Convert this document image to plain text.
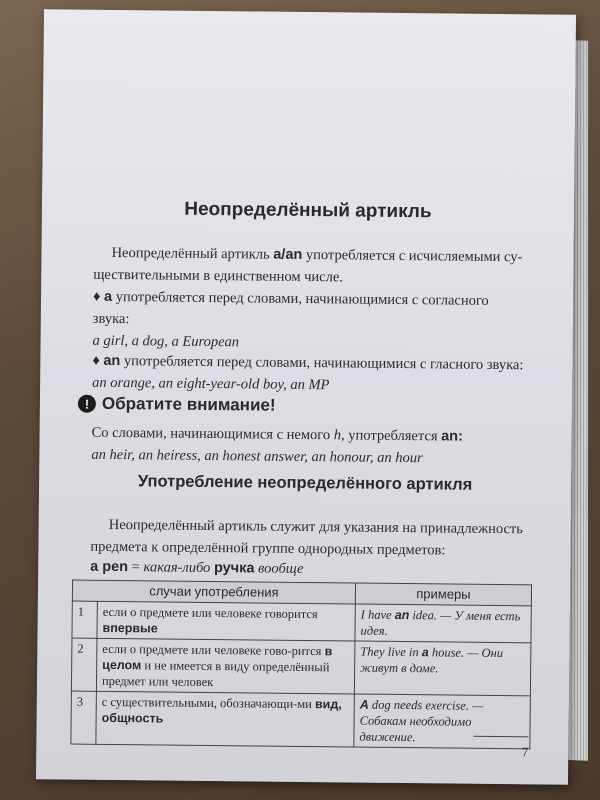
Неопределённый артикль
Неопределённый артикль a/an употребляется с исчисляемыми су-
ществительными в единственном числе.
♦ a употребляется перед словами, начинающимися с согласного
звука:
a girl, a dog, a European
♦ an употребляется перед словами, начинающимися с гласного звука:
an orange, an eight-year-old boy, an MP
! Обратите внимание!
Со словами, начинающимися с немого h, употребляется an:
an heir, an heiress, an honest answer, an honour, an hour
Употребление неопределённого артикля
Неопределённый артикль служит для указания на принадлежность
предмета к определённой группе однородных предметов:
a pen = какая-либо ручка вообще
случаи употребления		примеры
1	если о предмете или человеке говорится впервые	I have an idea. — У меня есть идея.
2	если о предмете или человеке гово-рится в целом и не имеется в виду определённый предмет или человек	They live in a house. — Они живут в доме.
3	с существительными, обозначающи-ми вид, общность	A dog needs exercise. — Собакам необходимо движение.
7
